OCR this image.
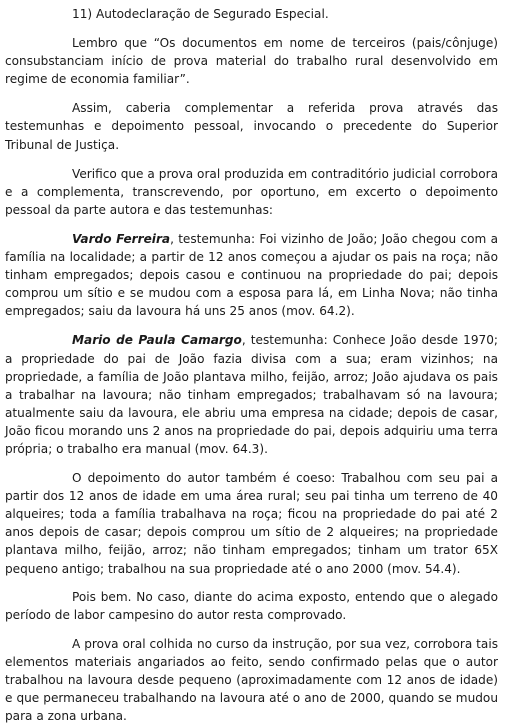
11) Autodeclaração de Segurado Especial.

Lembro que “Os documentos em nome de terceiros (pais/cônjuge) consubstanciam início de prova material do trabalho rural desenvolvido em regime de economia familiar”.

Assim, caberia complementar a referida prova através das testemunhas e depoimento pessoal, invocando o precedente do Superior Tribunal de Justiça.

Verifico que a prova oral produzida em contraditório judicial corrobora e a complementa, transcrevendo, por oportuno, em excerto o depoimento pessoal da parte autora e das testemunhas:

Vardo Ferreira, testemunha: Foi vizinho de João; João chegou com a família na localidade; a partir de 12 anos começou a ajudar os pais na roça; não tinham empregados; depois casou e continuou na propriedade do pai; depois comprou um sítio e se mudou com a esposa para lá, em Linha Nova; não tinha empregados; saiu da lavoura há uns 25 anos (mov. 64.2).

Mario de Paula Camargo, testemunha: Conhece João desde 1970; a propriedade do pai de João fazia divisa com a sua; eram vizinhos; na propriedade, a família de João plantava milho, feijão, arroz; João ajudava os pais a trabalhar na lavoura; não tinham empregados; trabalhavam só na lavoura; atualmente saiu da lavoura, ele abriu uma empresa na cidade; depois de casar, João ficou morando uns 2 anos na propriedade do pai, depois adquiriu uma terra própria; o trabalho era manual (mov. 64.3).

O depoimento do autor também é coeso: Trabalhou com seu pai a partir dos 12 anos de idade em uma área rural; seu pai tinha um terreno de 40 alqueires; toda a família trabalhava na roça; ficou na propriedade do pai até 2 anos depois de casar; depois comprou um sítio de 2 alqueires; na propriedade plantava milho, feijão, arroz; não tinham empregados; tinham um trator 65X pequeno antigo; trabalhou na sua propriedade até o ano 2000 (mov. 54.4).

Pois bem. No caso, diante do acima exposto, entendo que o alegado período de labor campesino do autor resta comprovado.

A prova oral colhida no curso da instrução, por sua vez, corrobora tais elementos materiais angariados ao feito, sendo confirmado pelas que o autor trabalhou na lavoura desde pequeno (aproximadamente com 12 anos de idade) e que permaneceu trabalhando na lavoura até o ano de 2000, quando se mudou para a zona urbana.
